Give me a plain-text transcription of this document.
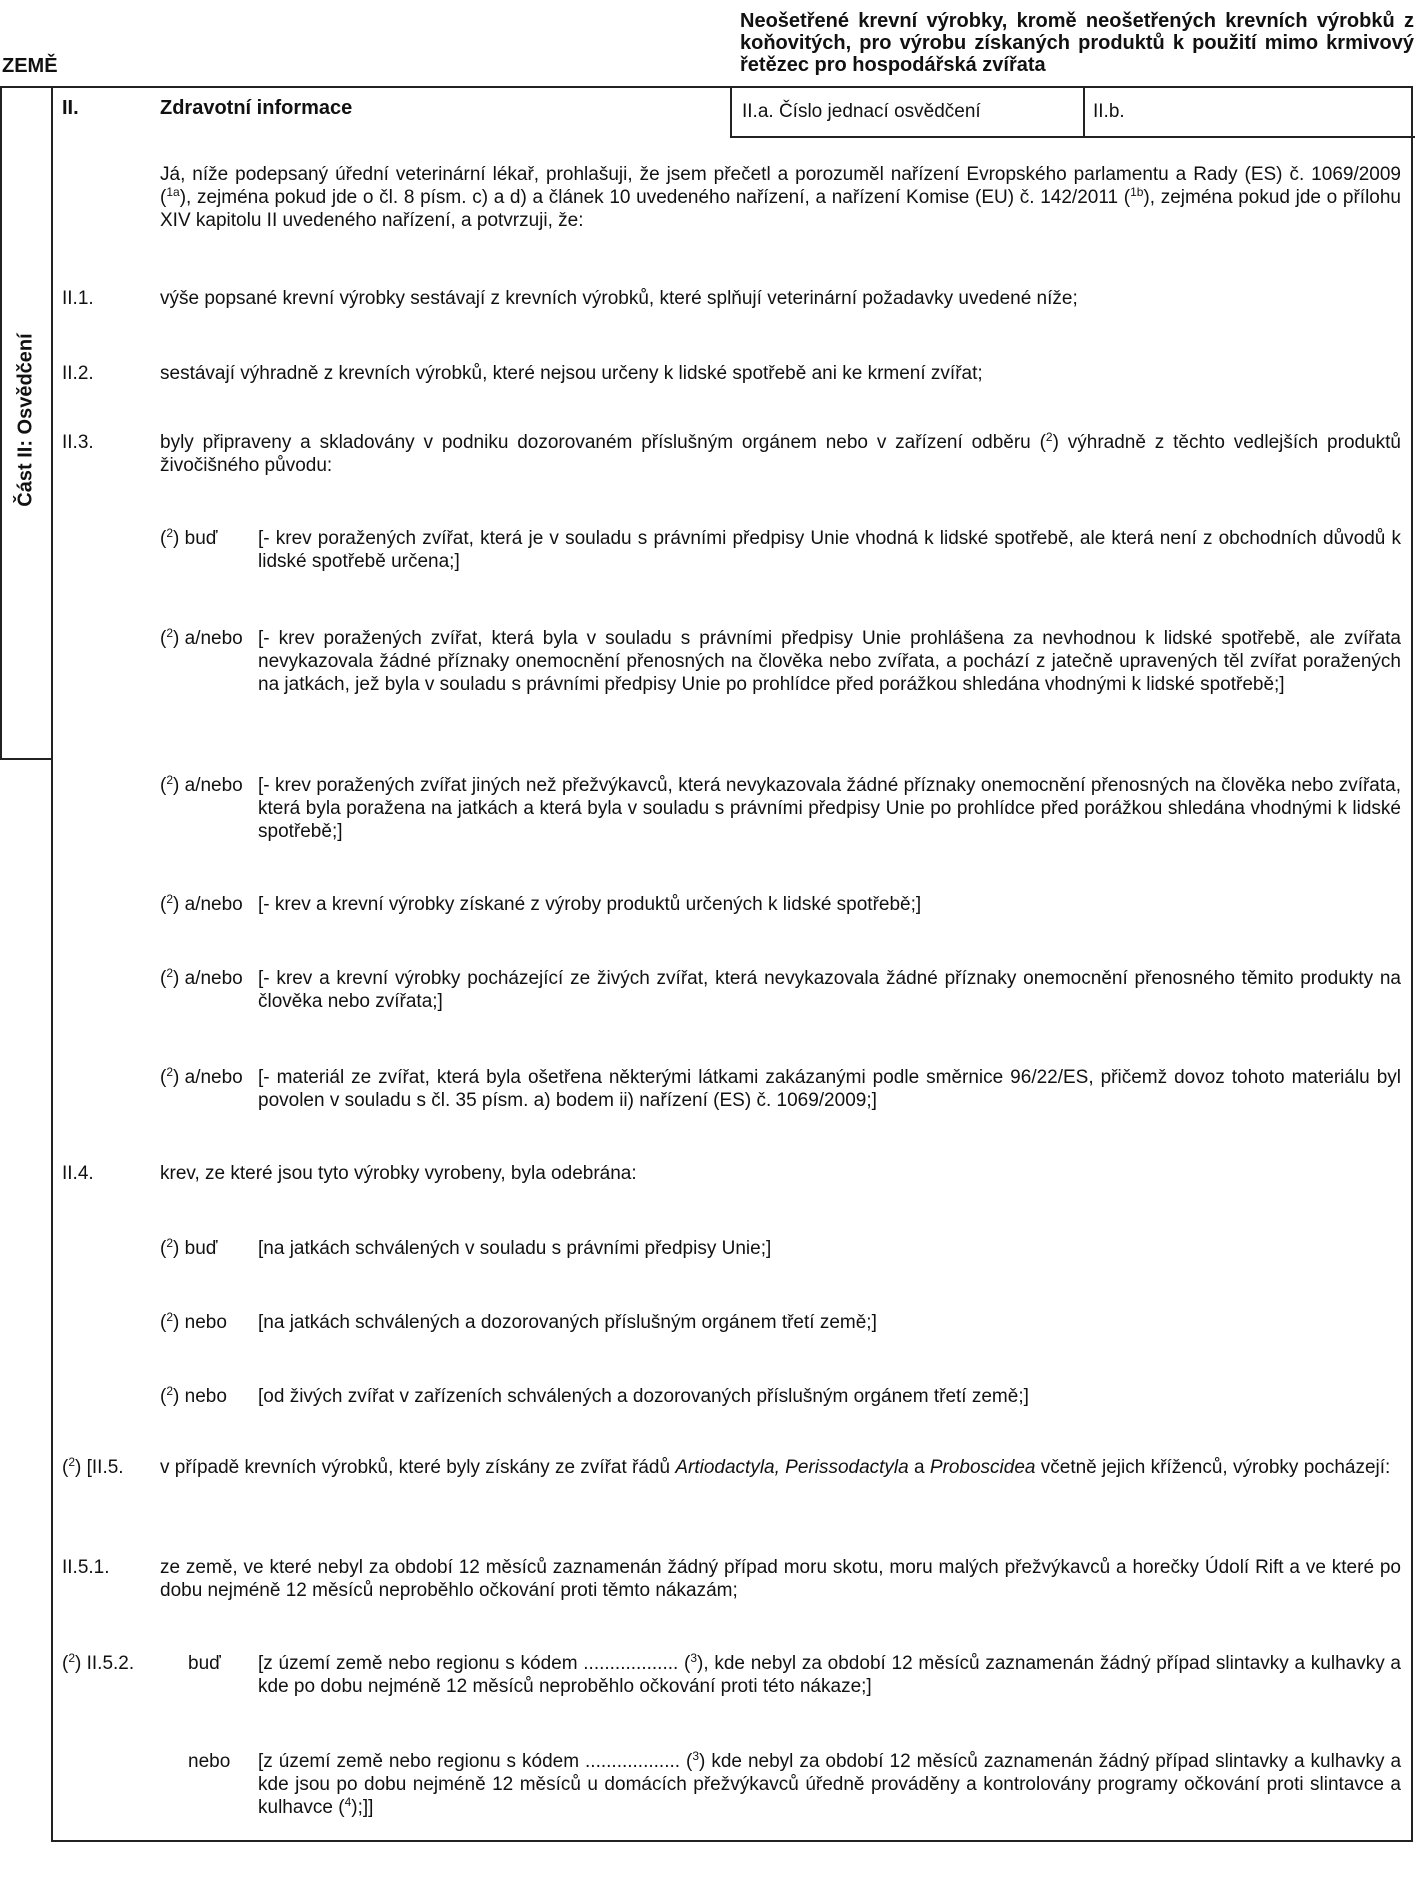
ZEMĚ
Neošetřené krevní výrobky, kromě neošetřených krevních výrobků z koňovitých, pro výrobu získaných produktů k použití mimo krmivový řetězec pro hospodářská zvířata
Část II: Osvědčení
II.	Zdravotní informace	II.a. Číslo jednací osvědčení	II.b.
Já, níže podepsaný úřední veterinární lékař, prohlašuji, že jsem přečetl a porozuměl nařízení Evropského parlamentu a Rady (ES) č. 1069/2009 ($^{1a}$), zejména pokud jde o čl. 8 písm. c) a d) a článek 10 uvedeného nařízení, a nařízení Komise (EU) č. 142/2011 ($^{1b}$), zejména pokud jde o přílohu XIV kapitolu II uvedeného nařízení, a potvrzuji, že:
II.1.	výše popsané krevní výrobky sestávají z krevních výrobků, které splňují veterinární požadavky uvedené níže;
II.2.	sestávají výhradně z krevních výrobků, které nejsou určeny k lidské spotřebě ani ke krmení zvířat;
II.3.	byly připraveny a skladovány v podniku dozorovaném příslušným orgánem nebo v zařízení odběru ($^2$) výhradně z těchto vedlejších produktů živočišného původu:
($^2$) buď [- krev poražených zvířat, která je v souladu s právními předpisy Unie vhodná k lidské spotřebě, ale která není z obchodních důvodů k lidské spotřebě určena;]
($^2$) a/nebo [- krev poražených zvířat, která byla v souladu s právními předpisy Unie prohlášena za nevhodnou k lidské spotřebě, ale zvířata nevykazovala žádné příznaky onemocnění přenosných na člověka nebo zvířata, a pochází z jatečně upravených těl zvířat poražených na jatkách, jež byla v souladu s právními předpisy Unie po prohlídce před porážkou shledána vhodnými k lidské spotřebě;]
($^2$) a/nebo [- krev poražených zvířat jiných než přežvýkavců, která nevykazovala žádné příznaky onemocnění přenosných na člověka nebo zvířata, která byla poražena na jatkách a která byla v souladu s právními předpisy Unie po prohlídce před porážkou shledána vhodnými k lidské spotřebě;]
($^2$) a/nebo [- krev a krevní výrobky získané z výroby produktů určených k lidské spotřebě;]
($^2$) a/nebo [- krev a krevní výrobky pocházející ze živých zvířat, která nevykazovala žádné příznaky onemocnění přenosného těmito produkty na člověka nebo zvířata;]
($^2$) a/nebo [- materiál ze zvířat, která byla ošetřena některými látkami zakázanými podle směrnice 96/22/ES, přičemž dovoz tohoto materiálu byl povolen v souladu s čl. 35 písm. a) bodem ii) nařízení (ES) č. 1069/2009;]
II.4.	krev, ze které jsou tyto výrobky vyrobeny, byla odebrána:
($^2$) buď [na jatkách schválených v souladu s právními předpisy Unie;]
($^2$) nebo [na jatkách schválených a dozorovaných příslušným orgánem třetí země;]
($^2$) nebo [od živých zvířat v zařízeních schválených a dozorovaných příslušným orgánem třetí země;]
($^2$) [II.5. v případě krevních výrobků, které byly získány ze zvířat řádů Artiodactyla, Perissodactyla a Proboscidea včetně jejich kříženců, výrobky pocházejí:
II.5.1.	ze země, ve které nebyl za období 12 měsíců zaznamenán žádný případ moru skotu, moru malých přežvýkavců a horečky Údolí Rift a ve které po dobu nejméně 12 měsíců neproběhlo očkování proti těmto nákazám;
($^2$) II.5.2.	buď [z území země nebo regionu s kódem .................. ($^3$), kde nebyl za období 12 měsíců zaznamenán žádný případ slintavky a kulhavky a kde po dobu nejméně 12 měsíců neproběhlo očkování proti této nákaze;]
nebo [z území země nebo regionu s kódem .................. ($^3$) kde nebyl za období 12 měsíců zaznamenán žádný případ slintavky a kulhavky a kde jsou po dobu nejméně 12 měsíců u domácích přežvýkavců úředně prováděny a kontrolovány programy očkování proti slintavce a kulhavce ($^4$);]]
